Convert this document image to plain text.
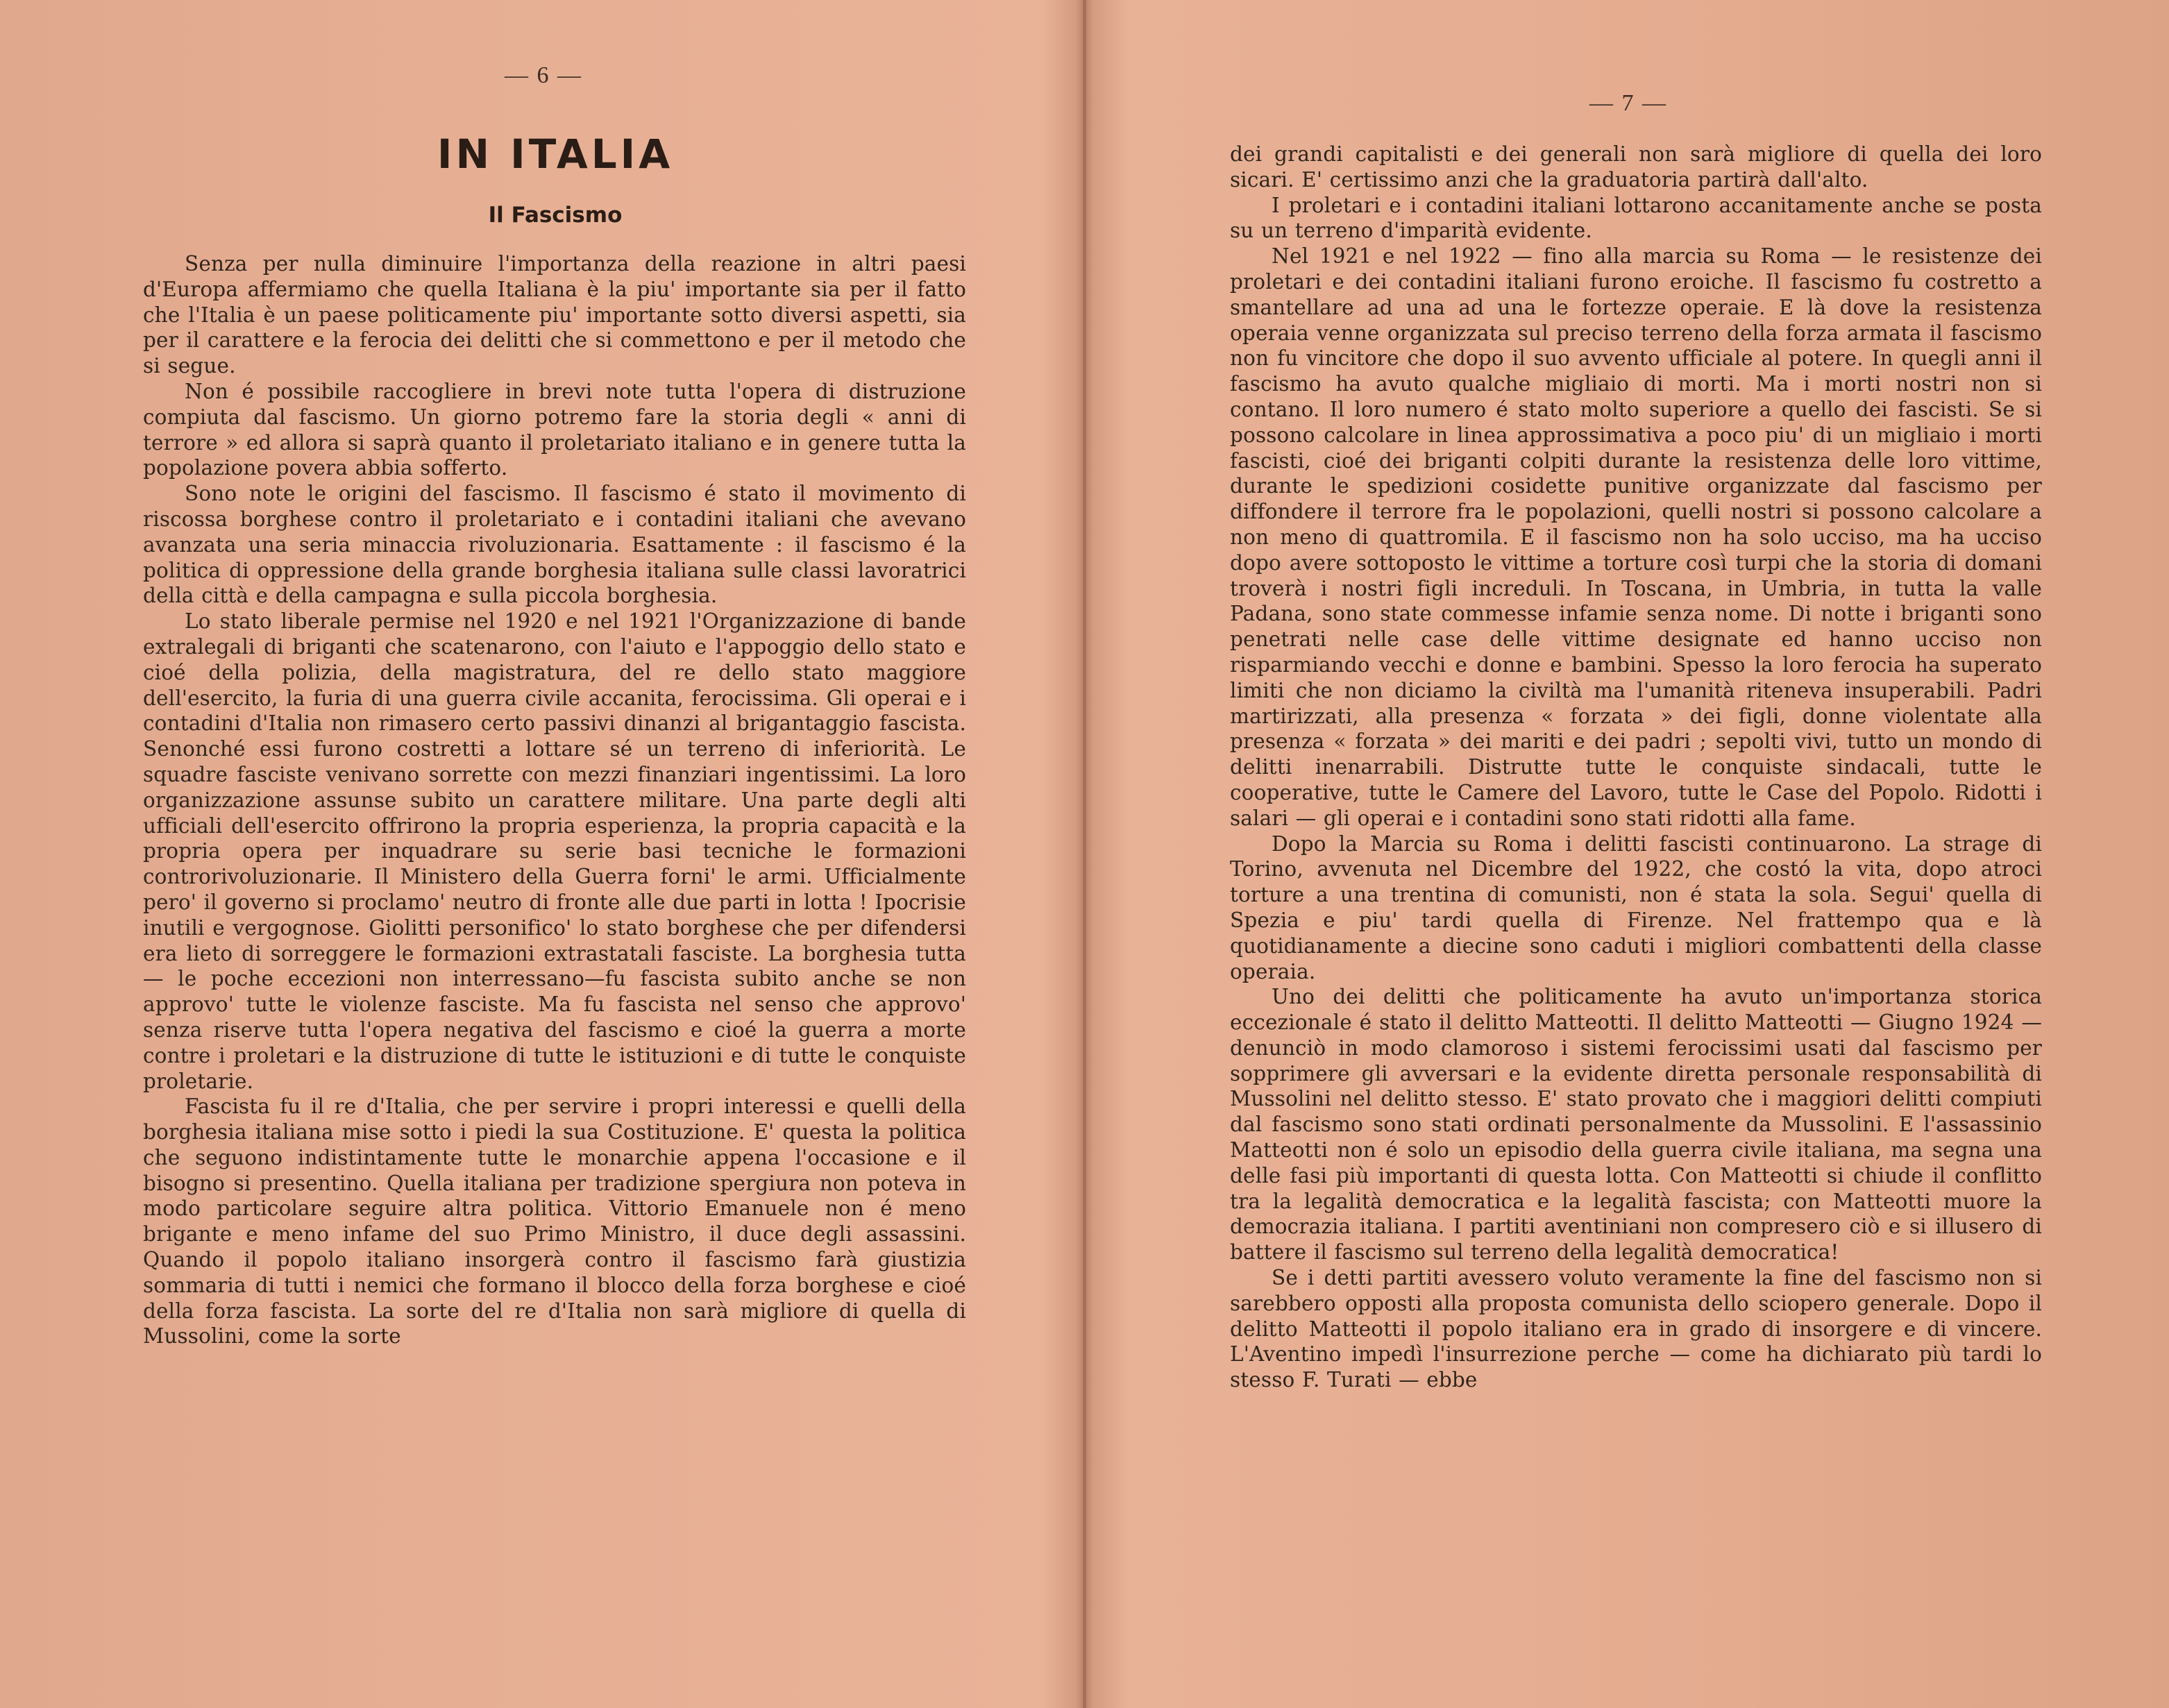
— 6 —
IN ITALIA
Il Fascismo

Senza per nulla diminuire l'importanza della reazione in altri paesi d'Europa affermiamo che quella Italiana è la piu' importante sia per il fatto che l'Italia è un paese politicamente piu' importante sotto diversi aspetti, sia per il carattere e la ferocia dei delitti che si commettono e per il metodo che si segue.

Non é possibile raccogliere in brevi note tutta l'opera di distruzione compiuta dal fascismo. Un giorno potremo fare la storia degli « anni di terrore » ed allora si saprà quanto il proletariato italiano e in genere tutta la popolazione povera abbia sofferto.

Sono note le origini del fascismo. Il fascismo é stato il movimento di riscossa borghese contro il proletariato e i contadini italiani che avevano avanzata una seria minaccia rivoluzionaria. Esattamente : il fascismo é la politica di oppressione della grande borghesia italiana sulle classi lavoratrici della città e della campagna e sulla piccola borghesia.

Lo stato liberale permise nel 1920 e nel 1921 l'Organizzazione di bande extralegali di briganti che scatenarono, con l'aiuto e l'appoggio dello stato e cioé della polizia, della magistratura, del re dello stato maggiore dell'esercito, la furia di una guerra civile accanita, ferocissima. Gli operai e i contadini d'Italia non rimasero certo passivi dinanzi al brigantaggio fascista. Senonché essi furono costretti a lottare sé un terreno di inferiorità. Le squadre fasciste venivano sorrette con mezzi finanziari ingentissimi. La loro organizzazione assunse subito un carattere militare. Una parte degli alti ufficiali dell'esercito offrirono la propria esperienza, la propria capacità e la propria opera per inquadrare su serie basi tecniche le formazioni controrivoluzionarie. Il Ministero della Guerra forni' le armi. Ufficialmente pero' il governo si proclamo' neutro di fronte alle due parti in lotta ! Ipocrisie inutili e vergognose. Giolitti personifico' lo stato borghese che per difendersi era lieto di sorreggere le formazioni extrastatali fasciste. La borghesia tutta — le poche eccezioni non interressano—fu fascista subito anche se non approvo' tutte le violenze fasciste. Ma fu fascista nel senso che approvo' senza riserve tutta l'opera negativa del fascismo e cioé la guerra a morte contre i proletari e la distruzione di tutte le istituzioni e di tutte le conquiste proletarie.

Fascista fu il re d'Italia, che per servire i propri interessi e quelli della borghesia italiana mise sotto i piedi la sua Costituzione. E' questa la politica che seguono indistintamente tutte le monarchie appena l'occasione e il bisogno si presentino. Quella italiana per tradizione spergiura non poteva in modo particolare seguire altra politica. Vittorio Emanuele non é meno brigante e meno infame del suo Primo Ministro, il duce degli assassini. Quando il popolo italiano insorgerà contro il fascismo farà giustizia sommaria di tutti i nemici che formano il blocco della forza borghese e cioé della forza fascista. La sorte del re d'Italia non sarà migliore di quella di Mussolini, come la sorte

— 7 —

dei grandi capitalisti e dei generali non sarà migliore di quella dei loro sicari. E' certissimo anzi che la graduatoria partirà dall'alto.

I proletari e i contadini italiani lottarono accanitamente anche se posta su un terreno d'imparità evidente.

Nel 1921 e nel 1922 — fino alla marcia su Roma — le resistenze dei proletari e dei contadini italiani furono eroiche. Il fascismo fu costretto a smantellare ad una ad una le fortezze operaie. E là dove la resistenza operaia venne organizzata sul preciso terreno della forza armata il fascismo non fu vincitore che dopo il suo avvento ufficiale al potere. In quegli anni il fascismo ha avuto qualche migliaio di morti. Ma i morti nostri non si contano. Il loro numero é stato molto superiore a quello dei fascisti. Se si possono calcolare in linea approssimativa a poco piu' di un migliaio i morti fascisti, cioé dei briganti colpiti durante la resistenza delle loro vittime, durante le spedizioni cosidette punitive organizzate dal fascismo per diffondere il terrore fra le popolazioni, quelli nostri si possono calcolare a non meno di quattromila. E il fascismo non ha solo ucciso, ma ha ucciso dopo avere sottoposto le vittime a torture così turpi che la storia di domani troverà i nostri figli increduli. In Toscana, in Umbria, in tutta la valle Padana, sono state commesse infamie senza nome. Di notte i briganti sono penetrati nelle case delle vittime designate ed hanno ucciso non risparmiando vecchi e donne e bambini. Spesso la loro ferocia ha superato limiti che non diciamo la civiltà ma l'umanità riteneva insuperabili. Padri martirizzati, alla presenza « forzata » dei figli, donne violentate alla presenza « forzata » dei mariti e dei padri ; sepolti vivi, tutto un mondo di delitti inenarrabili. Distrutte tutte le conquiste sindacali, tutte le cooperative, tutte le Camere del Lavoro, tutte le Case del Popolo. Ridotti i salari — gli operai e i contadini sono stati ridotti alla fame.

Dopo la Marcia su Roma i delitti fascisti continuarono. La strage di Torino, avvenuta nel Dicembre del 1922, che costó la vita, dopo atroci torture a una trentina di comunisti, non é stata la sola. Segui' quella di Spezia e piu' tardi quella di Firenze. Nel frattempo qua e là quotidianamente a diecine sono caduti i migliori combattenti della classe operaia.

Uno dei delitti che politicamente ha avuto un'importanza storica eccezionale é stato il delitto Matteotti. Il delitto Matteotti — Giugno 1924 — denunciò in modo clamoroso i sistemi ferocissimi usati dal fascismo per sopprimere gli avversari e la evidente diretta personale responsabilità di Mussolini nel delitto stesso. E' stato provato che i maggiori delitti compiuti dal fascismo sono stati ordinati personalmente da Mussolini. E l'assassinio Matteotti non é solo un episodio della guerra civile italiana, ma segna una delle fasi più importanti di questa lotta. Con Matteotti si chiude il conflitto tra la legalità democratica e la legalità fascista; con Matteotti muore la democrazia italiana. I partiti aventiniani non compresero ciò e si illusero di battere il fascismo sul terreno della legalità democratica!

Se i detti partiti avessero voluto veramente la fine del fascismo non si sarebbero opposti alla proposta comunista dello sciopero generale. Dopo il delitto Matteotti il popolo italiano era in grado di insorgere e di vincere. L'Aventino impedì l'insurrezione perche — come ha dichiarato più tardi lo stesso F. Turati — ebbe
